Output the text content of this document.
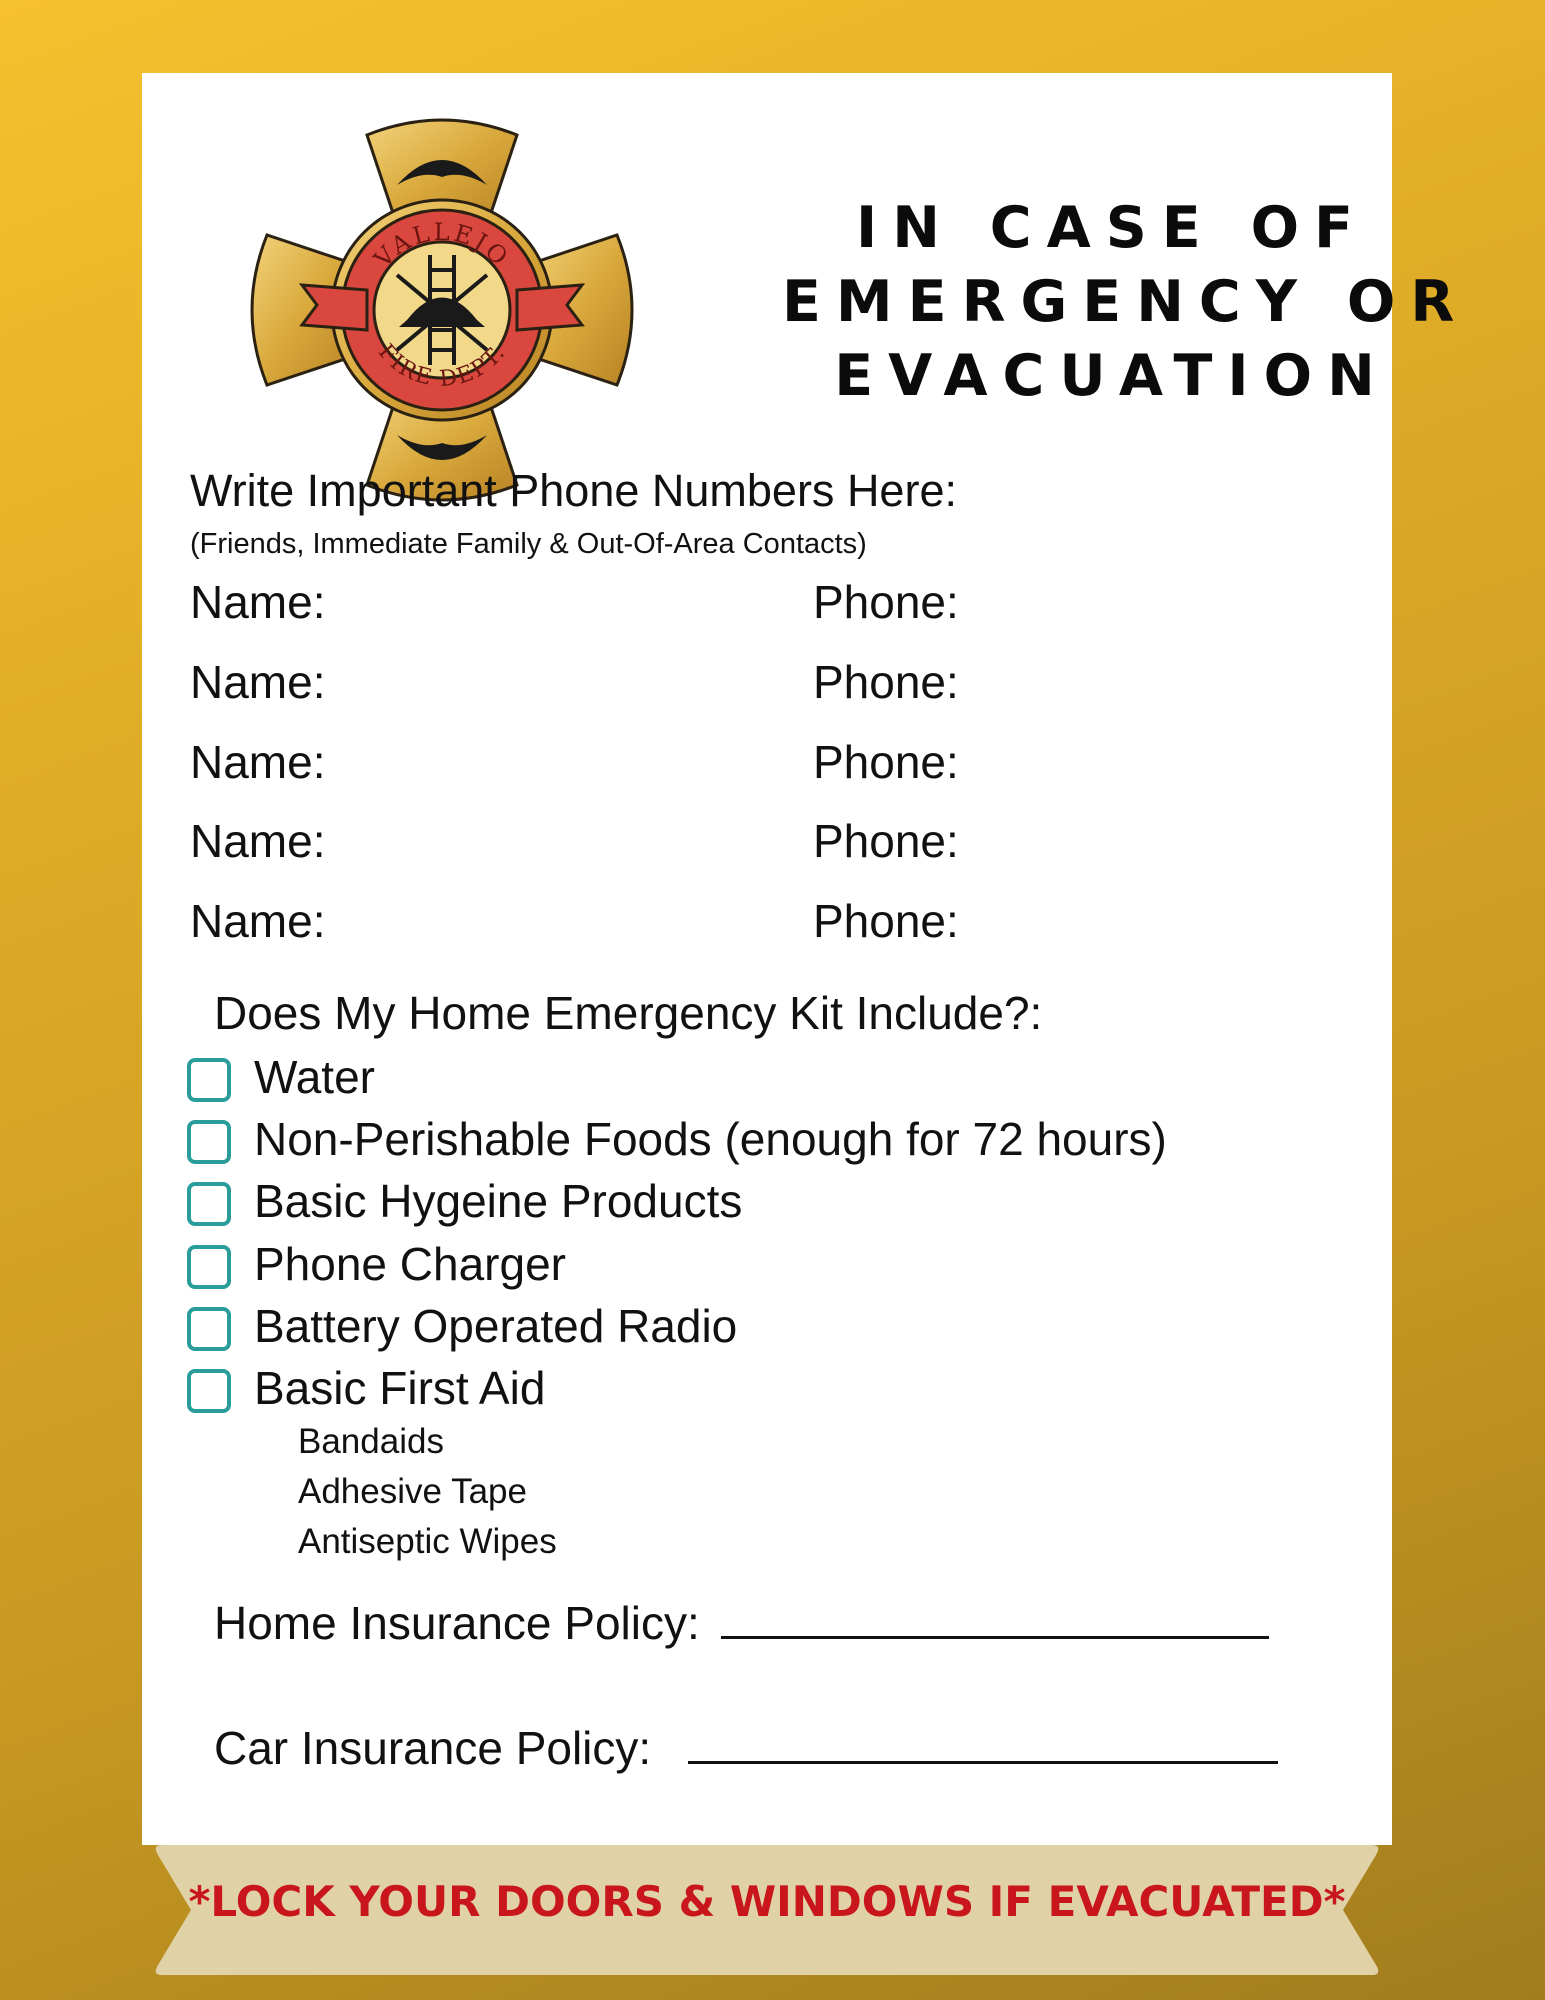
VALLEJO
FIRE DEPT.
IN CASE OF
EMERGENCY OR
EVACUATION
Write Important Phone Numbers Here:
(Friends, Immediate Family & Out-Of-Area Contacts)
Name:	Phone:
Name:	Phone:
Name:	Phone:
Name:	Phone:
Name:	Phone:
Does My Home Emergency Kit Include?:
Water
Non-Perishable Foods (enough for 72 hours)
Basic Hygeine Products
Phone Charger
Battery Operated Radio
Basic First Aid
Bandaids
Adhesive Tape
Antiseptic Wipes
Home Insurance Policy:
Car Insurance Policy:
*LOCK YOUR DOORS & WINDOWS IF EVACUATED*
